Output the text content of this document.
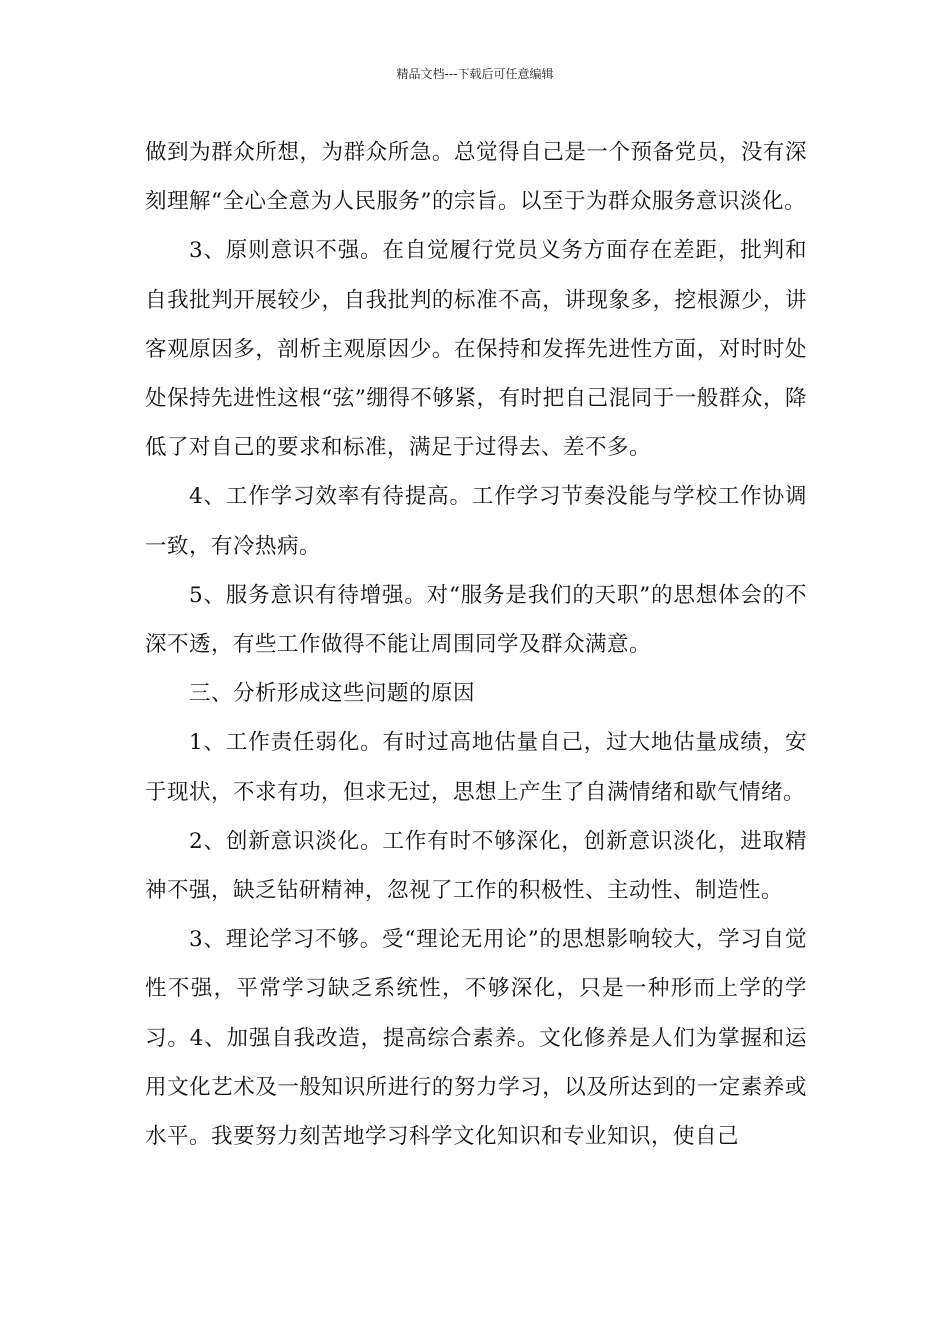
精品文档---下载后可任意编辑

做到为群众所想，为群众所急。总觉得自己是一个预备党员，没有深刻理解“全心全意为人民服务”的宗旨。以至于为群众服务意识淡化。

3、原则意识不强。在自觉履行党员义务方面存在差距，批判和自我批判开展较少，自我批判的标准不高，讲现象多，挖根源少，讲客观原因多，剖析主观原因少。在保持和发挥先进性方面，对时时处处保持先进性这根“弦”绷得不够紧，有时把自己混同于一般群众，降低了对自己的要求和标准，满足于过得去、差不多。

4、工作学习效率有待提高。工作学习节奏没能与学校工作协调一致，有冷热病。

5、服务意识有待增强。对“服务是我们的天职”的思想体会的不深不透，有些工作做得不能让周围同学及群众满意。

三、分析形成这些问题的原因

1、工作责任弱化。有时过高地估量自己，过大地估量成绩，安于现状，不求有功，但求无过，思想上产生了自满情绪和歇气情绪。

2、创新意识淡化。工作有时不够深化，创新意识淡化，进取精神不强，缺乏钻研精神，忽视了工作的积极性、主动性、制造性。

3、理论学习不够。受“理论无用论”的思想影响较大，学习自觉性不强，平常学习缺乏系统性，不够深化，只是一种形而上学的学习。4、加强自我改造，提高综合素养。文化修养是人们为掌握和运用文化艺术及一般知识所进行的努力学习，以及所达到的一定素养或水平。我要努力刻苦地学习科学文化知识和专业知识，使自己
